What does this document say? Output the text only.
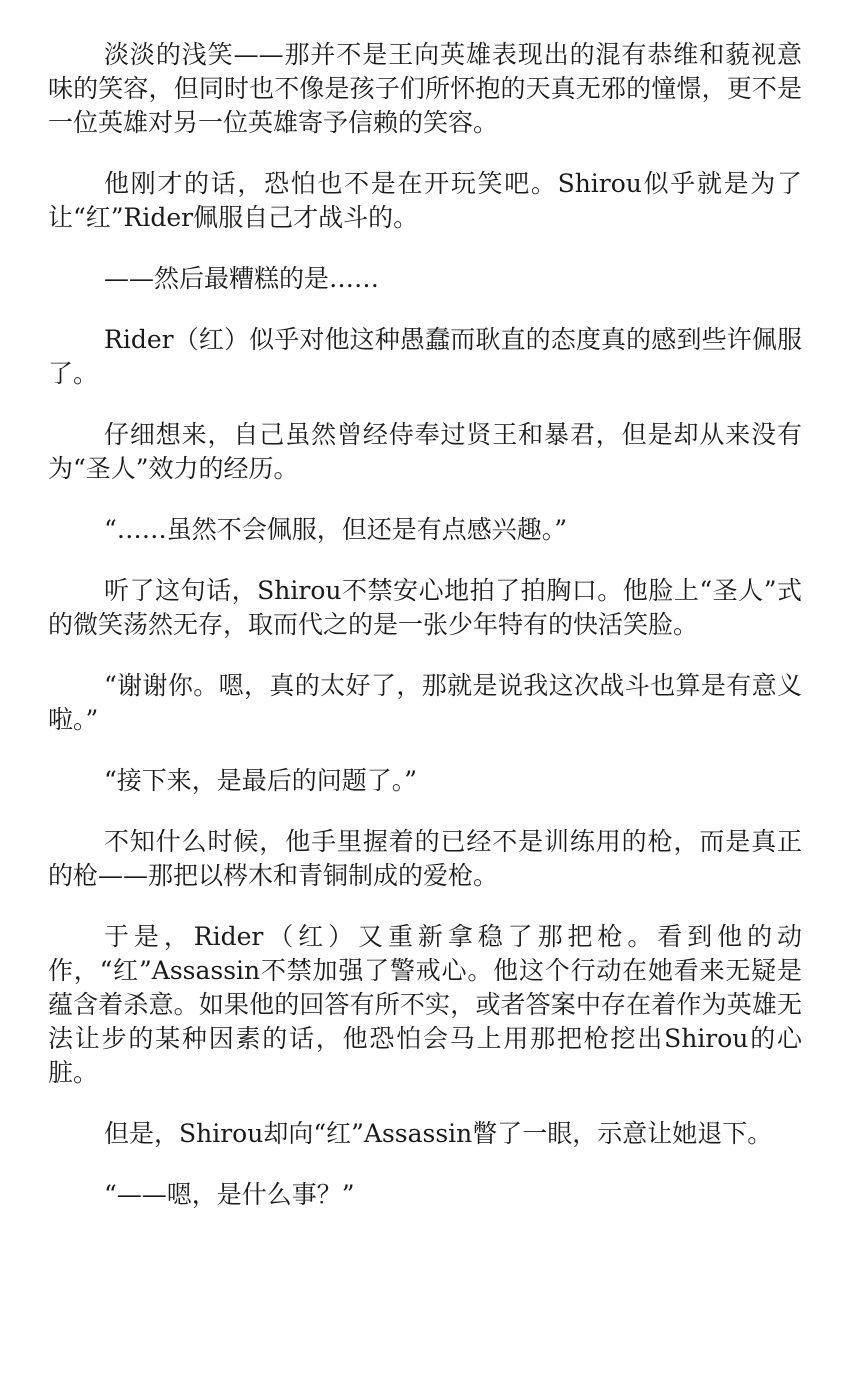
淡淡的浅笑——那并不是王向英雄表现出的混有恭维和藐视意味的笑容，但同时也不像是孩子们所怀抱的天真无邪的憧憬，更不是一位英雄对另一位英雄寄予信赖的笑容。

他刚才的话，恐怕也不是在开玩笑吧。Shirou似乎就是为了让“红”Rider佩服自己才战斗的。

——然后最糟糕的是……

Rider（红）似乎对他这种愚蠢而耿直的态度真的感到些许佩服了。

仔细想来，自己虽然曾经侍奉过贤王和暴君，但是却从来没有为“圣人”效力的经历。

“……虽然不会佩服，但还是有点感兴趣。”

听了这句话，Shirou不禁安心地拍了拍胸口。他脸上“圣人”式的微笑荡然无存，取而代之的是一张少年特有的快活笑脸。

“谢谢你。嗯，真的太好了，那就是说我这次战斗也算是有意义啦。”

“接下来，是最后的问题了。”

不知什么时候，他手里握着的已经不是训练用的枪，而是真正的枪——那把以梣木和青铜制成的爱枪。

于是，Rider（红）又重新拿稳了那把枪。看到他的动作，“红”Assassin不禁加强了警戒心。他这个行动在她看来无疑是蕴含着杀意。如果他的回答有所不实，或者答案中存在着作为英雄无法让步的某种因素的话，他恐怕会马上用那把枪挖出Shirou的心脏。

但是，Shirou却向“红”Assassin瞥了一眼，示意让她退下。

“——嗯，是什么事？”
